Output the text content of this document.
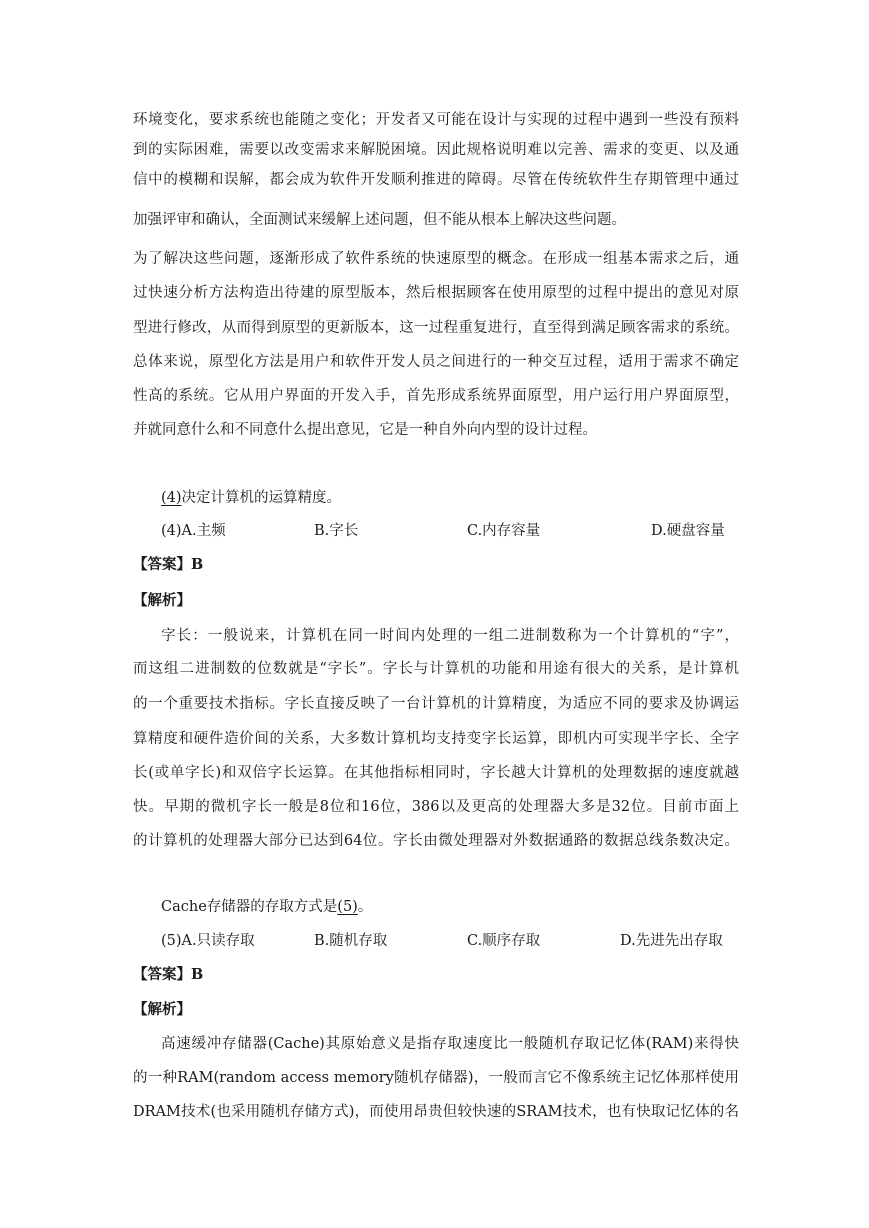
环境变化，要求系统也能随之变化；开发者又可能在设计与实现的过程中遇到一些没有预料
到的实际困难，需要以改变需求来解脱困境。因此规格说明难以完善、需求的变更、以及通
信中的模糊和误解，都会成为软件开发顺利推进的障碍。尽管在传统软件生存期管理中通过
加强评审和确认，全面测试来缓解上述问题，但不能从根本上解决这些问题。
为了解决这些问题，逐渐形成了软件系统的快速原型的概念。在形成一组基本需求之后，通
过快速分析方法构造出待建的原型版本，然后根据顾客在使用原型的过程中提出的意见对原
型进行修改，从而得到原型的更新版本，这一过程重复进行，直至得到满足顾客需求的系统。
总体来说，原型化方法是用户和软件开发人员之间进行的一种交互过程，适用于需求不确定
性高的系统。它从用户界面的开发入手，首先形成系统界面原型，用户运行用户界面原型，
并就同意什么和不同意什么提出意见，它是一种自外向内型的设计过程。
(4)决定计算机的运算精度。
(4)A.主频	B.字长	C.内存容量	D.硬盘容量
【答案】B
【解析】
字长：一般说来，计算机在同一时间内处理的一组二进制数称为一个计算机的“字”，
而这组二进制数的位数就是“字长”。字长与计算机的功能和用途有很大的关系，是计算机
的一个重要技术指标。字长直接反映了一台计算机的计算精度，为适应不同的要求及协调运
算精度和硬件造价间的关系，大多数计算机均支持变字长运算，即机内可实现半字长、全字
长(或单字长)和双倍字长运算。在其他指标相同时，字长越大计算机的处理数据的速度就越
快。早期的微机字长一般是8位和16位，386以及更高的处理器大多是32位。目前市面上
的计算机的处理器大部分已达到64位。字长由微处理器对外数据通路的数据总线条数决定。
Cache存储器的存取方式是(5)。
(5)A.只读存取	B.随机存取	C.顺序存取	D.先进先出存取
【答案】B
【解析】
高速缓冲存储器(Cache)其原始意义是指存取速度比一般随机存取记忆体(RAM)来得快
的一种RAM(random access memory随机存储器)，一般而言它不像系统主记忆体那样使用
DRAM技术(也采用随机存储方式)，而使用昂贵但较快速的SRAM技术，也有快取记忆体的名
